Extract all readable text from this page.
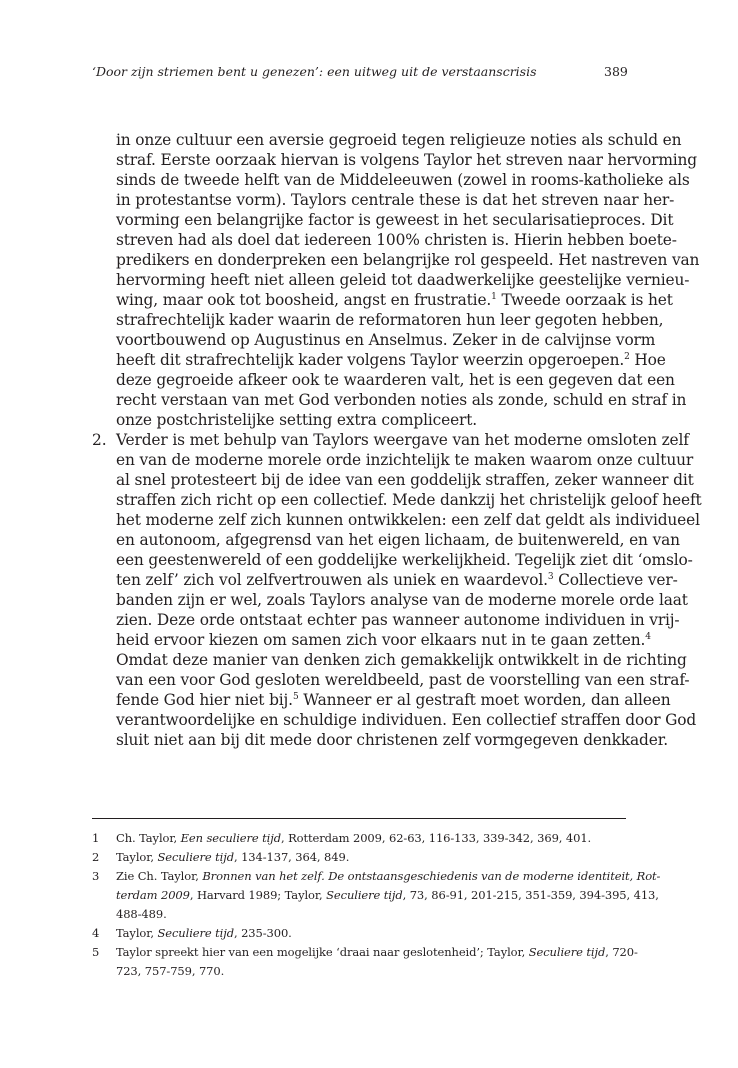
‘Door zijn striemen bent u genezen’: een uitweg uit de verstaanscrisis	389
in onze cultuur een aversie gegroeid tegen religieuze noties als schuld en
straf. Eerste oorzaak hiervan is volgens Taylor het streven naar hervorming
sinds de tweede helft van de Middeleeuwen (zowel in rooms-katholieke als
in protestantse vorm). Taylors centrale these is dat het streven naar her-
vorming een belangrijke factor is geweest in het secularisatieproces. Dit
streven had als doel dat iedereen 100% christen is. Hierin hebben boete-
predikers en donderpreken een belangrijke rol gespeeld. Het nastreven van
hervorming heeft niet alleen geleid tot daadwerkelijke geestelijke vernieu-
wing, maar ook tot boosheid, angst en frustratie.$^1$ Tweede oorzaak is het
strafrechtelijk kader waarin de reformatoren hun leer gegoten hebben,
voortbouwend op Augustinus en Anselmus. Zeker in de calvijnse vorm
heeft dit strafrechtelijk kader volgens Taylor weerzin opgeroepen.$^2$ Hoe
deze gegroeide afkeer ook te waarderen valt, het is een gegeven dat een
recht verstaan van met God verbonden noties als zonde, schuld en straf in
onze postchristelijke setting extra compliceert.
2. Verder is met behulp van Taylors weergave van het moderne omsloten zelf
en van de moderne morele orde inzichtelijk te maken waarom onze cultuur
al snel protesteert bij de idee van een goddelijk straffen, zeker wanneer dit
straffen zich richt op een collectief. Mede dankzij het christelijk geloof heeft
het moderne zelf zich kunnen ontwikkelen: een zelf dat geldt als individueel
en autonoom, afgegrensd van het eigen lichaam, de buitenwereld, en van
een geestenwereld of een goddelijke werkelijkheid. Tegelijk ziet dit ‘omslo-
ten zelf’ zich vol zelfvertrouwen als uniek en waardevol.$^3$ Collectieve ver-
banden zijn er wel, zoals Taylors analyse van de moderne morele orde laat
zien. Deze orde ontstaat echter pas wanneer autonome individuen in vrij-
heid ervoor kiezen om samen zich voor elkaars nut in te gaan zetten.$^4$
Omdat deze manier van denken zich gemakkelijk ontwikkelt in de richting
van een voor God gesloten wereldbeeld, past de voorstelling van een straf-
fende God hier niet bij.$^5$ Wanneer er al gestraft moet worden, dan alleen
verantwoordelijke en schuldige individuen. Een collectief straffen door God
sluit niet aan bij dit mede door christenen zelf vormgegeven denkkader.
1 Ch. Taylor, Een seculiere tijd, Rotterdam 2009, 62-63, 116-133, 339-342, 369, 401.
2 Taylor, Seculiere tijd, 134-137, 364, 849.
3 Zie Ch. Taylor, Bronnen van het zelf. De ontstaansgeschiedenis van de moderne identiteit, Rot-
terdam 2009, Harvard 1989; Taylor, Seculiere tijd, 73, 86-91, 201-215, 351-359, 394-395, 413,
488-489.
4 Taylor, Seculiere tijd, 235-300.
5 Taylor spreekt hier van een mogelijke ‘draai naar geslotenheid’; Taylor, Seculiere tijd, 720-
723, 757-759, 770.
